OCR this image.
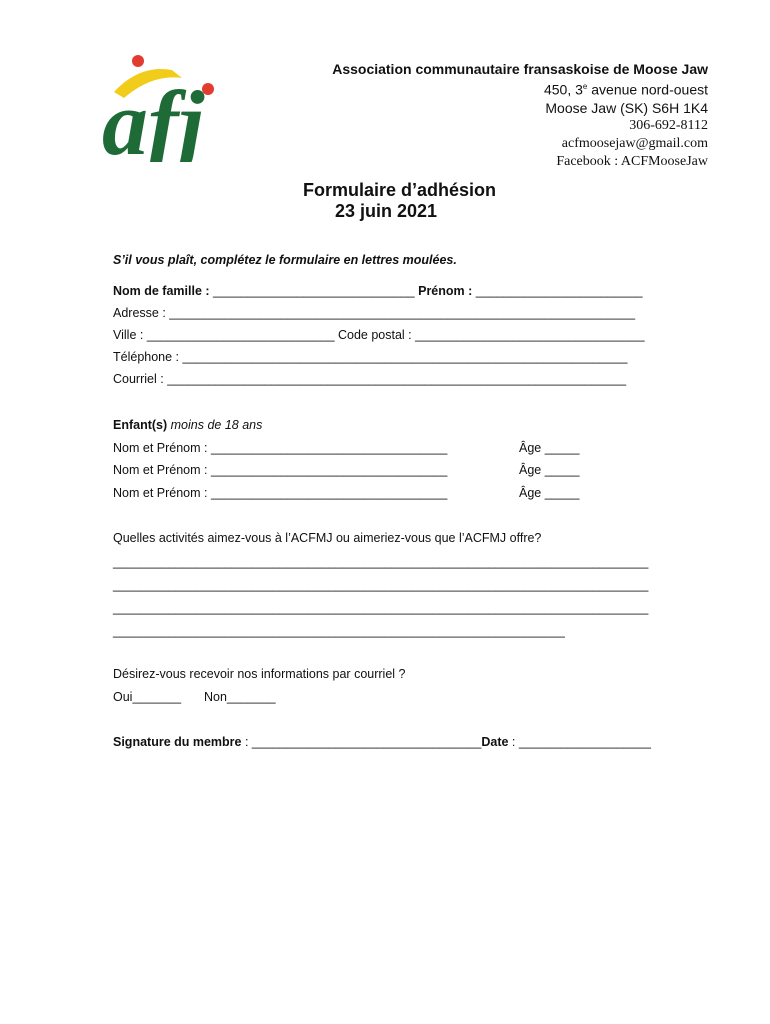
afj
Association communautaire fransaskoise de Moose Jaw
450, 3e avenue nord-ouest
Moose Jaw (SK) S6H 1K4
306-692-8112
acfmoosejaw@gmail.com
Facebook : ACFMooseJaw
Formulaire d’adhésion
23 juin 2021
S’il vous plaît, complétez le formulaire en lettres moulées.
Nom de famille : _____________________________ Prénom : ________________________
Adresse : ___________________________________________________________________
Ville : ___________________________ Code postal : _________________________________
Téléphone : ________________________________________________________________
Courriel : __________________________________________________________________
Enfant(s) moins de 18 ans
Nom et Prénom : __________________________________	Âge _____
Nom et Prénom : __________________________________	Âge _____
Nom et Prénom : __________________________________	Âge _____
Quelles activités aimez-vous à l’ACFMJ ou aimeriez-vous que l’ACFMJ offre?
_____________________________________________________________________________
_____________________________________________________________________________
_____________________________________________________________________________
_________________________________________________________________
Désirez-vous recevoir nos informations par courriel ?
Oui_______ Non_______
Signature du membre : _________________________________Date : ___________________
